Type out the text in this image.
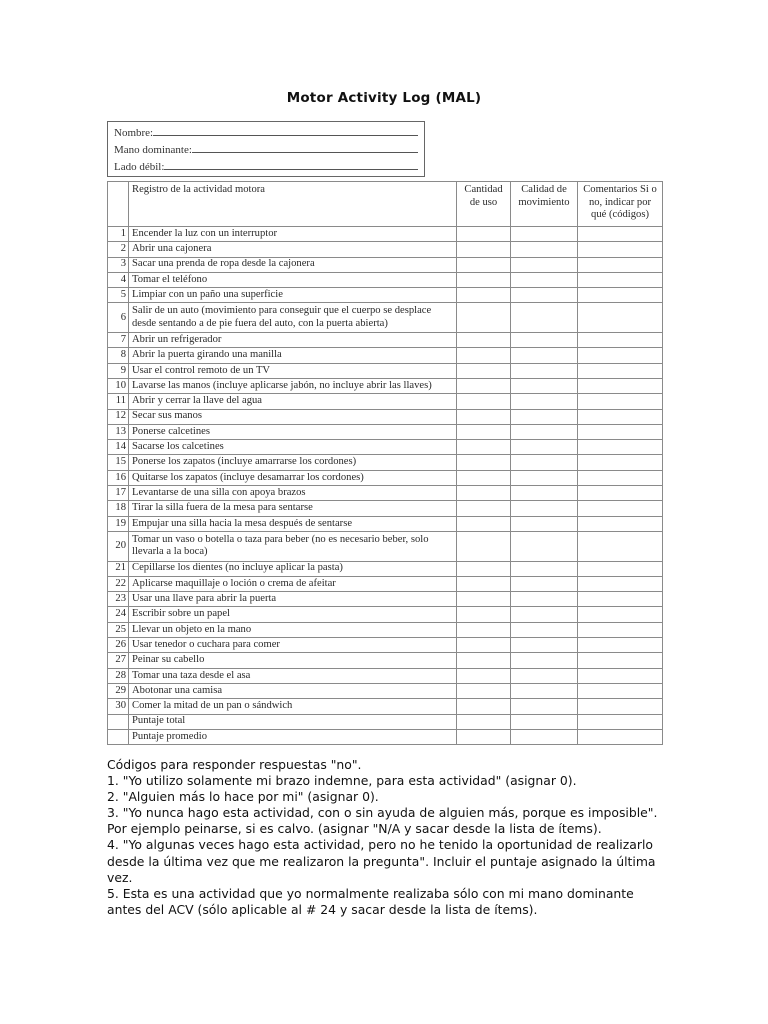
Motor Activity Log (MAL)
Nombre:
Mano dominante:
Lado débil:
	Registro de la actividad motora	Cantidad de uso	Calidad de movimiento	Comentarios Si o no, indicar por qué (códigos)
1	Encender la luz con un interruptor			
2	Abrir una cajonera			
3	Sacar una prenda de ropa desde la cajonera			
4	Tomar el teléfono			
5	Limpiar con un paño una superficie			
6	Salir de un auto (movimiento para conseguir que el cuerpo se desplace desde sentando a de pie fuera del auto, con la puerta abierta)			
7	Abrir un refrigerador			
8	Abrir la puerta girando una manilla			
9	Usar el control remoto de un TV			
10	Lavarse las manos (incluye aplicarse jabón, no incluye abrir las llaves)			
11	Abrir y cerrar la llave del agua			
12	Secar sus manos			
13	Ponerse calcetines			
14	Sacarse los calcetines			
15	Ponerse los zapatos (incluye amarrarse los cordones)			
16	Quitarse los zapatos (incluye desamarrar los cordones)			
17	Levantarse de una silla con apoya brazos			
18	Tirar la silla fuera de la mesa para sentarse			
19	Empujar una silla hacia la mesa después de sentarse			
20	Tomar un vaso o botella o taza para beber (no es necesario beber, solo llevarla a la boca)			
21	Cepillarse los dientes (no incluye aplicar la pasta)			
22	Aplicarse maquillaje o loción o crema de afeitar			
23	Usar una llave para abrir la puerta			
24	Escribir sobre un papel			
25	Llevar un objeto en la mano			
26	Usar tenedor o cuchara para comer			
27	Peinar su cabello			
28	Tomar una taza desde el asa			
29	Abotonar una camisa			
30	Comer la mitad de un pan o sándwich			
	Puntaje total			
	Puntaje promedio			
Códigos para responder respuestas "no".
1. "Yo utilizo solamente mi brazo indemne, para esta actividad" (asignar 0).
2. "Alguien más lo hace por mi" (asignar 0).
3. "Yo nunca hago esta actividad, con o sin ayuda de alguien más, porque es imposible". Por ejemplo peinarse, si es calvo. (asignar "N/A y sacar desde la lista de ítems).
4. "Yo algunas veces hago esta actividad, pero no he tenido la oportunidad de realizarlo desde la última vez que me realizaron la pregunta". Incluir el puntaje asignado la última vez.
5. Esta es una actividad que yo normalmente realizaba sólo con mi mano dominante antes del ACV (sólo aplicable al # 24 y sacar desde la lista de ítems).
